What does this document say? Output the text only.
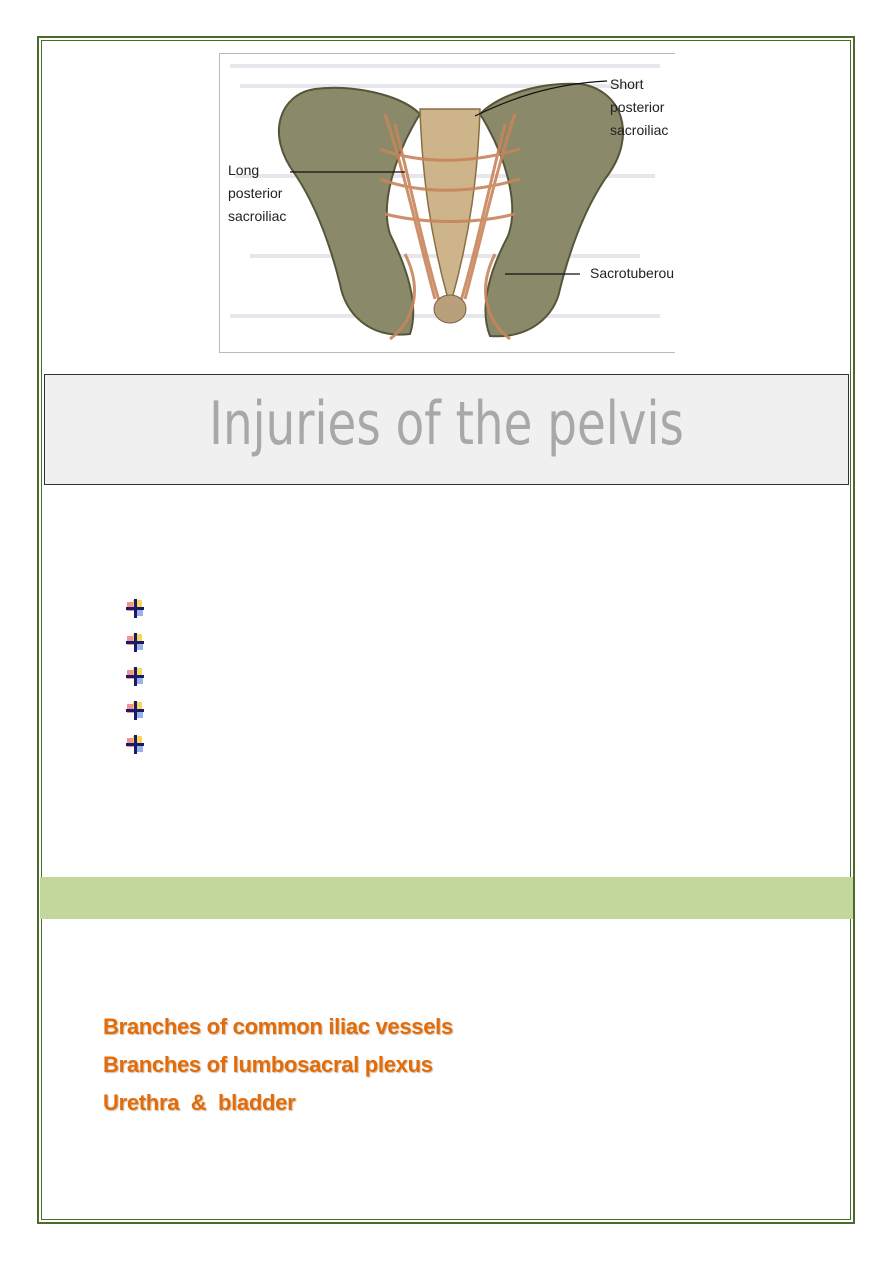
Short
posterior
sacroiliac
Long
posterior
sacroiliac
Sacrotuberou
Injuries of the pelvis
Branches of common iliac vessels
Branches of lumbosacral plexus
Urethra  &  bladder
